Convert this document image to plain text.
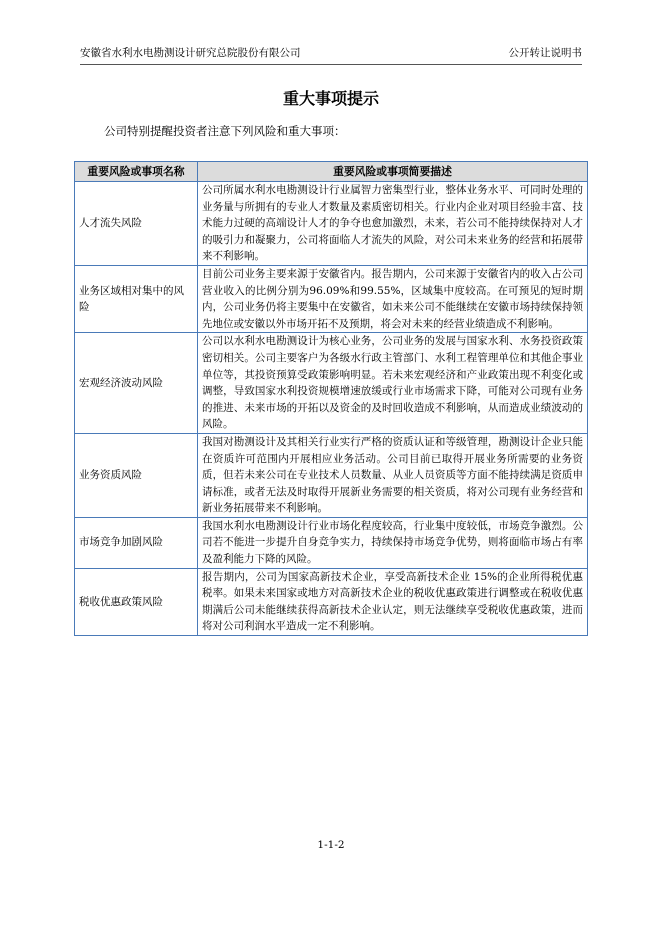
安徽省水利水电勘测设计研究总院股份有限公司	公开转让说明书
重大事项提示
公司特别提醒投资者注意下列风险和重大事项：
重要风险或事项名称	重要风险或事项简要描述
人才流失风险	公司所属水利水电勘测设计行业属智力密集型行业，整体业务水平、可同时处理的业务量与所拥有的专业人才数量及素质密切相关。行业内企业对项目经验丰富、技术能力过硬的高端设计人才的争夺也愈加激烈，未来，若公司不能持续保持对人才的吸引力和凝聚力，公司将面临人才流失的风险，对公司未来业务的经营和拓展带来不利影响。
业务区域相对集中的风险	目前公司业务主要来源于安徽省内。报告期内，公司来源于安徽省内的收入占公司营业收入的比例分别为96.09%和99.55%，区域集中度较高。在可预见的短时期内，公司业务仍将主要集中在安徽省，如未来公司不能继续在安徽市场持续保持领先地位或安徽以外市场开拓不及预期，将会对未来的经营业绩造成不利影响。
宏观经济波动风险	公司以水利水电勘测设计为核心业务，公司业务的发展与国家水利、水务投资政策密切相关。公司主要客户为各级水行政主管部门、水利工程管理单位和其他企事业单位等，其投资预算受政策影响明显。若未来宏观经济和产业政策出现不利变化或调整，导致国家水利投资规模增速放缓或行业市场需求下降，可能对公司现有业务的推进、未来市场的开拓以及资金的及时回收造成不利影响，从而造成业绩波动的风险。
业务资质风险	我国对勘测设计及其相关行业实行严格的资质认证和等级管理，勘测设计企业只能在资质许可范围内开展相应业务活动。公司目前已取得开展业务所需要的业务资质，但若未来公司在专业技术人员数量、从业人员资质等方面不能持续满足资质申请标准，或者无法及时取得开展新业务需要的相关资质，将对公司现有业务经营和新业务拓展带来不利影响。
市场竞争加剧风险	我国水利水电勘测设计行业市场化程度较高，行业集中度较低，市场竞争激烈。公司若不能进一步提升自身竞争实力，持续保持市场竞争优势，则将面临市场占有率及盈利能力下降的风险。
税收优惠政策风险	报告期内，公司为国家高新技术企业，享受高新技术企业 15%的企业所得税优惠税率。如果未来国家或地方对高新技术企业的税收优惠政策进行调整或在税收优惠期满后公司未能继续获得高新技术企业认定，则无法继续享受税收优惠政策，进而将对公司利润水平造成一定不利影响。
1-1-2
